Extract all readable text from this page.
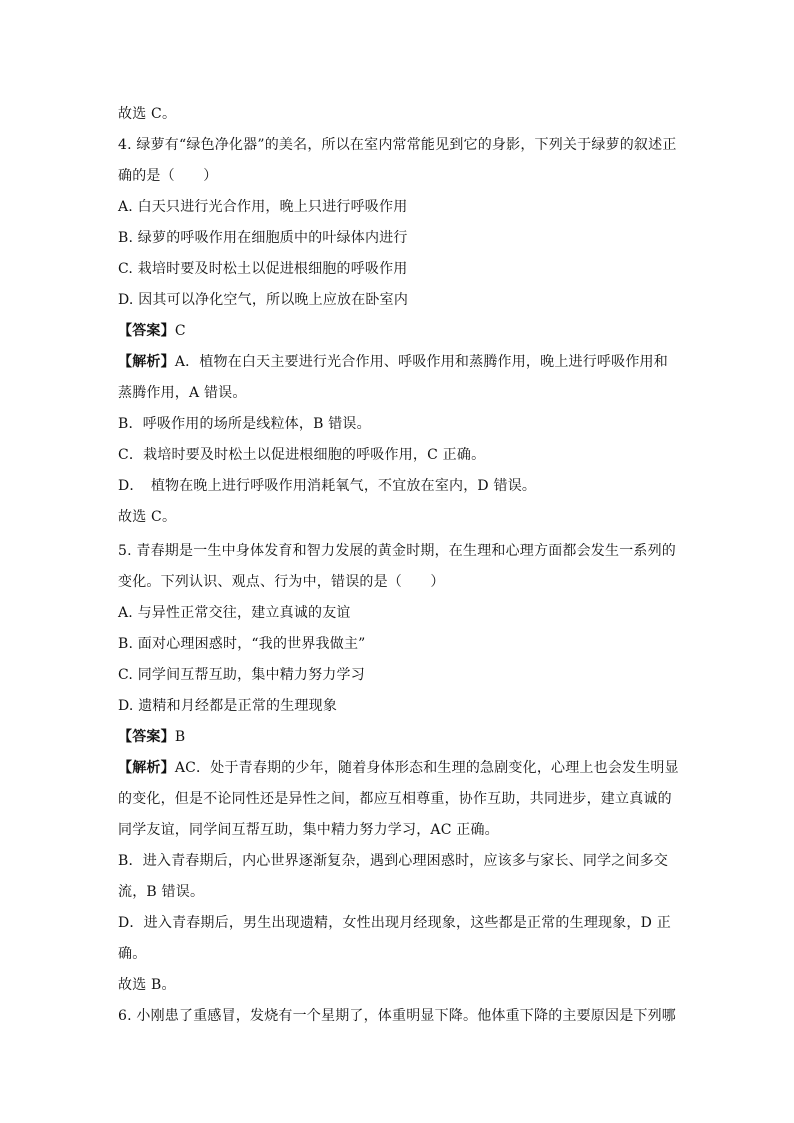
故选 C。
4. 绿萝有“绿色净化器”的美名，所以在室内常常能见到它的身影，下列关于绿萝的叙述正
确的是（　　）
A. 白天只进行光合作用，晚上只进行呼吸作用
B. 绿萝的呼吸作用在细胞质中的叶绿体内进行
C. 栽培时要及时松土以促进根细胞的呼吸作用
D. 因其可以净化空气，所以晚上应放在卧室内
【答案】C
【解析】A．植物在白天主要进行光合作用、呼吸作用和蒸腾作用，晚上进行呼吸作用和
蒸腾作用，A 错误。
B．呼吸作用的场所是线粒体，B 错误。
C．栽培时要及时松土以促进根细胞的呼吸作用，C 正确。
D．　植物在晚上进行呼吸作用消耗氧气，不宜放在室内，D 错误。
故选 C。
5. 青春期是一生中身体发育和智力发展的黄金时期，在生理和心理方面都会发生一系列的
变化。下列认识、观点、行为中，错误的是（　　）
A. 与异性正常交往，建立真诚的友谊
B. 面对心理困惑时，“我的世界我做主”
C. 同学间互帮互助，集中精力努力学习
D. 遗精和月经都是正常的生理现象
【答案】B
【解析】AC．处于青春期的少年，随着身体形态和生理的急剧变化，心理上也会发生明显
的变化，但是不论同性还是异性之间，都应互相尊重，协作互助，共同进步，建立真诚的
同学友谊，同学间互帮互助，集中精力努力学习，AC 正确。
B．进入青春期后，内心世界逐渐复杂，遇到心理困惑时，应该多与家长、同学之间多交
流，B 错误。
D．进入青春期后，男生出现遗精，女性出现月经现象，这些都是正常的生理现象，D 正
确。
故选 B。
6. 小刚患了重感冒，发烧有一个星期了，体重明显下降。他体重下降的主要原因是下列哪
